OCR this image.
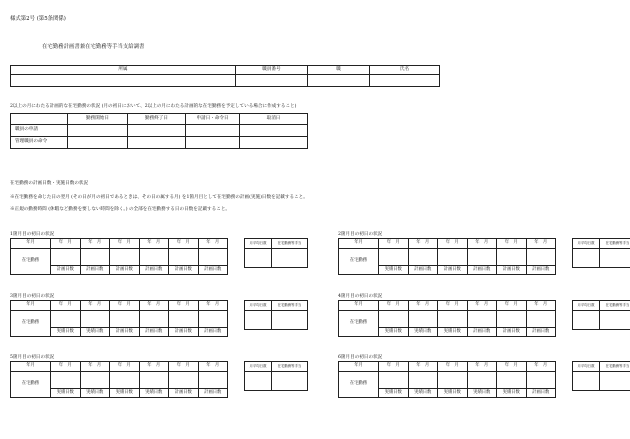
様式第2号 (第5条関係)
在宅勤務計画書兼在宅勤務等手当支給調書
所属	職員番号	職	氏名

2以上の月にわたる計画的な在宅勤務の状況 (月の初日において、2以上の月にわたる計画的な在宅勤務を予定している場合に作成すること)
	勤務開始日	勤務終了日	申請日・命令日	取消日
職員の申請				
管理職員の命令				
在宅勤務の計画日数・実施日数の状況
※在宅勤務を命じた日の翌月 (その日が月の初日であるときは、その日の属する月) を1箇月目として在宅勤務の計画(実施)日数を記載すること。
※正規の勤務時間 (休暇など勤務を要しない時間を除く。) の全部を在宅勤務する日の日数を記載すること。
1箇月目の初日の状況
年月	年　月	年　月	年　月	年　月	年　月	年　月
在宅勤務						
	計画日数	計画日数	計画日数	計画日数	計画日数	計画日数
月平均日数	在宅勤務等手当

2箇月目の初日の状況
年月	年　月	年　月	年　月	年　月	年　月	年　月
在宅勤務						
	実績日数	計画日数	計画日数	計画日数	計画日数	計画日数
月平均日数	在宅勤務等手当

3箇月目の初日の状況
年月	年　月	年　月	年　月	年　月	年　月	年　月
在宅勤務						
	実績日数	実績日数	計画日数	計画日数	計画日数	計画日数
月平均日数	在宅勤務等手当

4箇月目の初日の状況
年月	年　月	年　月	年　月	年　月	年　月	年　月
在宅勤務						
	実績日数	実績日数	実績日数	計画日数	計画日数	計画日数
月平均日数	在宅勤務等手当

5箇月目の初日の状況
年月	年　月	年　月	年　月	年　月	年　月	年　月
在宅勤務						
	実績日数	実績日数	実績日数	実績日数	計画日数	計画日数
月平均日数	在宅勤務等手当

6箇月目の初日の状況
年月	年　月	年　月	年　月	年　月	年　月	年　月
在宅勤務						
	実績日数	実績日数	実績日数	実績日数	実績日数	計画日数
月平均日数	在宅勤務等手当
